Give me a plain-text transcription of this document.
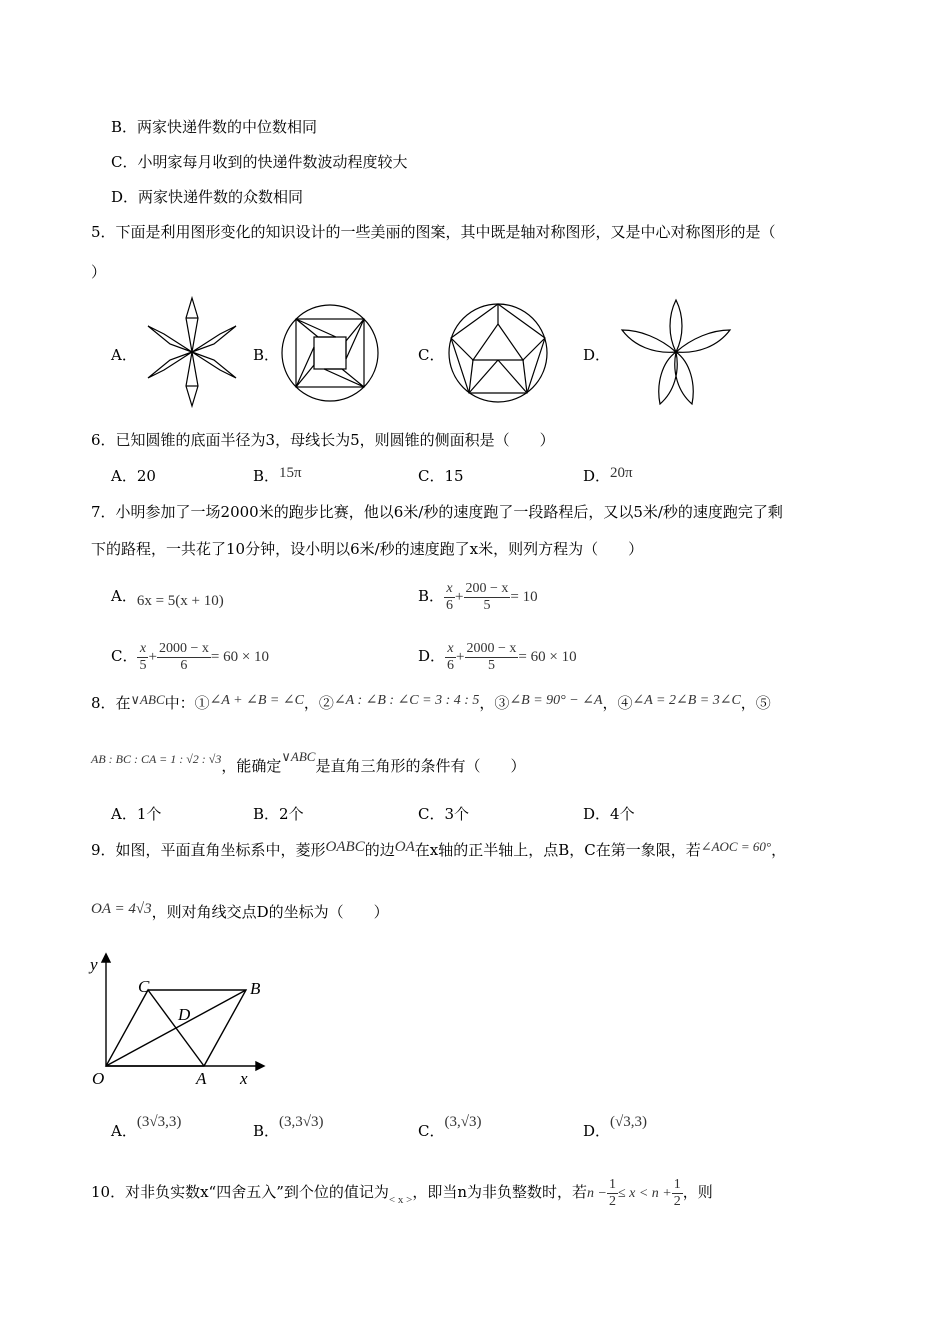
B．两家快递件数的中位数相同
C．小明家每月收到的快递件数波动程度较大
D．两家快递件数的众数相同
5．下面是利用图形变化的知识设计的一些美丽的图案，其中既是轴对称图形，又是中心对称图形的是（
）
A．	B．	C．	D．
6．已知圆锥的底面半径为3，母线长为5，则圆锥的侧面积是（　　）
A．20	B．15π	C．15	D．20π
7．小明参加了一场2000米的跑步比赛，他以6米/秒的速度跑了一段路程后，又以5米/秒的速度跑完了剩
下的路程，一共花了10分钟，设小明以6米/秒的速度跑了x米，则列方程为（　　）
A．6x = 5(x + 10)	B． $\frac{x}{6} + \frac{200 - x}{5} = 10$
C． $\frac{x}{5} + \frac{2000 - x}{6} = 60 \times 10$	D． $\frac{x}{6} + \frac{2000 - x}{5} = 60 \times 10$
8．在∨ABC中：①∠A + ∠B = ∠C，②∠A : ∠B : ∠C = 3 : 4 : 5，③∠B = 90° − ∠A，④∠A = 2∠B = 3∠C，⑤
$^{AB : BC : CA = 1 : √2 : √3}$，能确定∨ABC是直角三角形的条件有（　　）
A．1个	B．2个	C．3个	D．4个
9．如图，平面直角坐标系中，菱形OABC的边OA在x轴的正半轴上，点B，C在第一象限，若∠AOC = 60°，
OA = 4√3，则对角线交点D的坐标为（　　）
y
C	B
D
O	A x
A．(3√3,3)	B．(3,3√3)	C．(3,√3)	D．(√3,3)
10．对非负实数x“四舍五入”到个位的值记为$_{< x >}$，即当n为非负整数时，若$n - \frac{1}{2} \le x < n + \frac{1}{2}$ ，则
